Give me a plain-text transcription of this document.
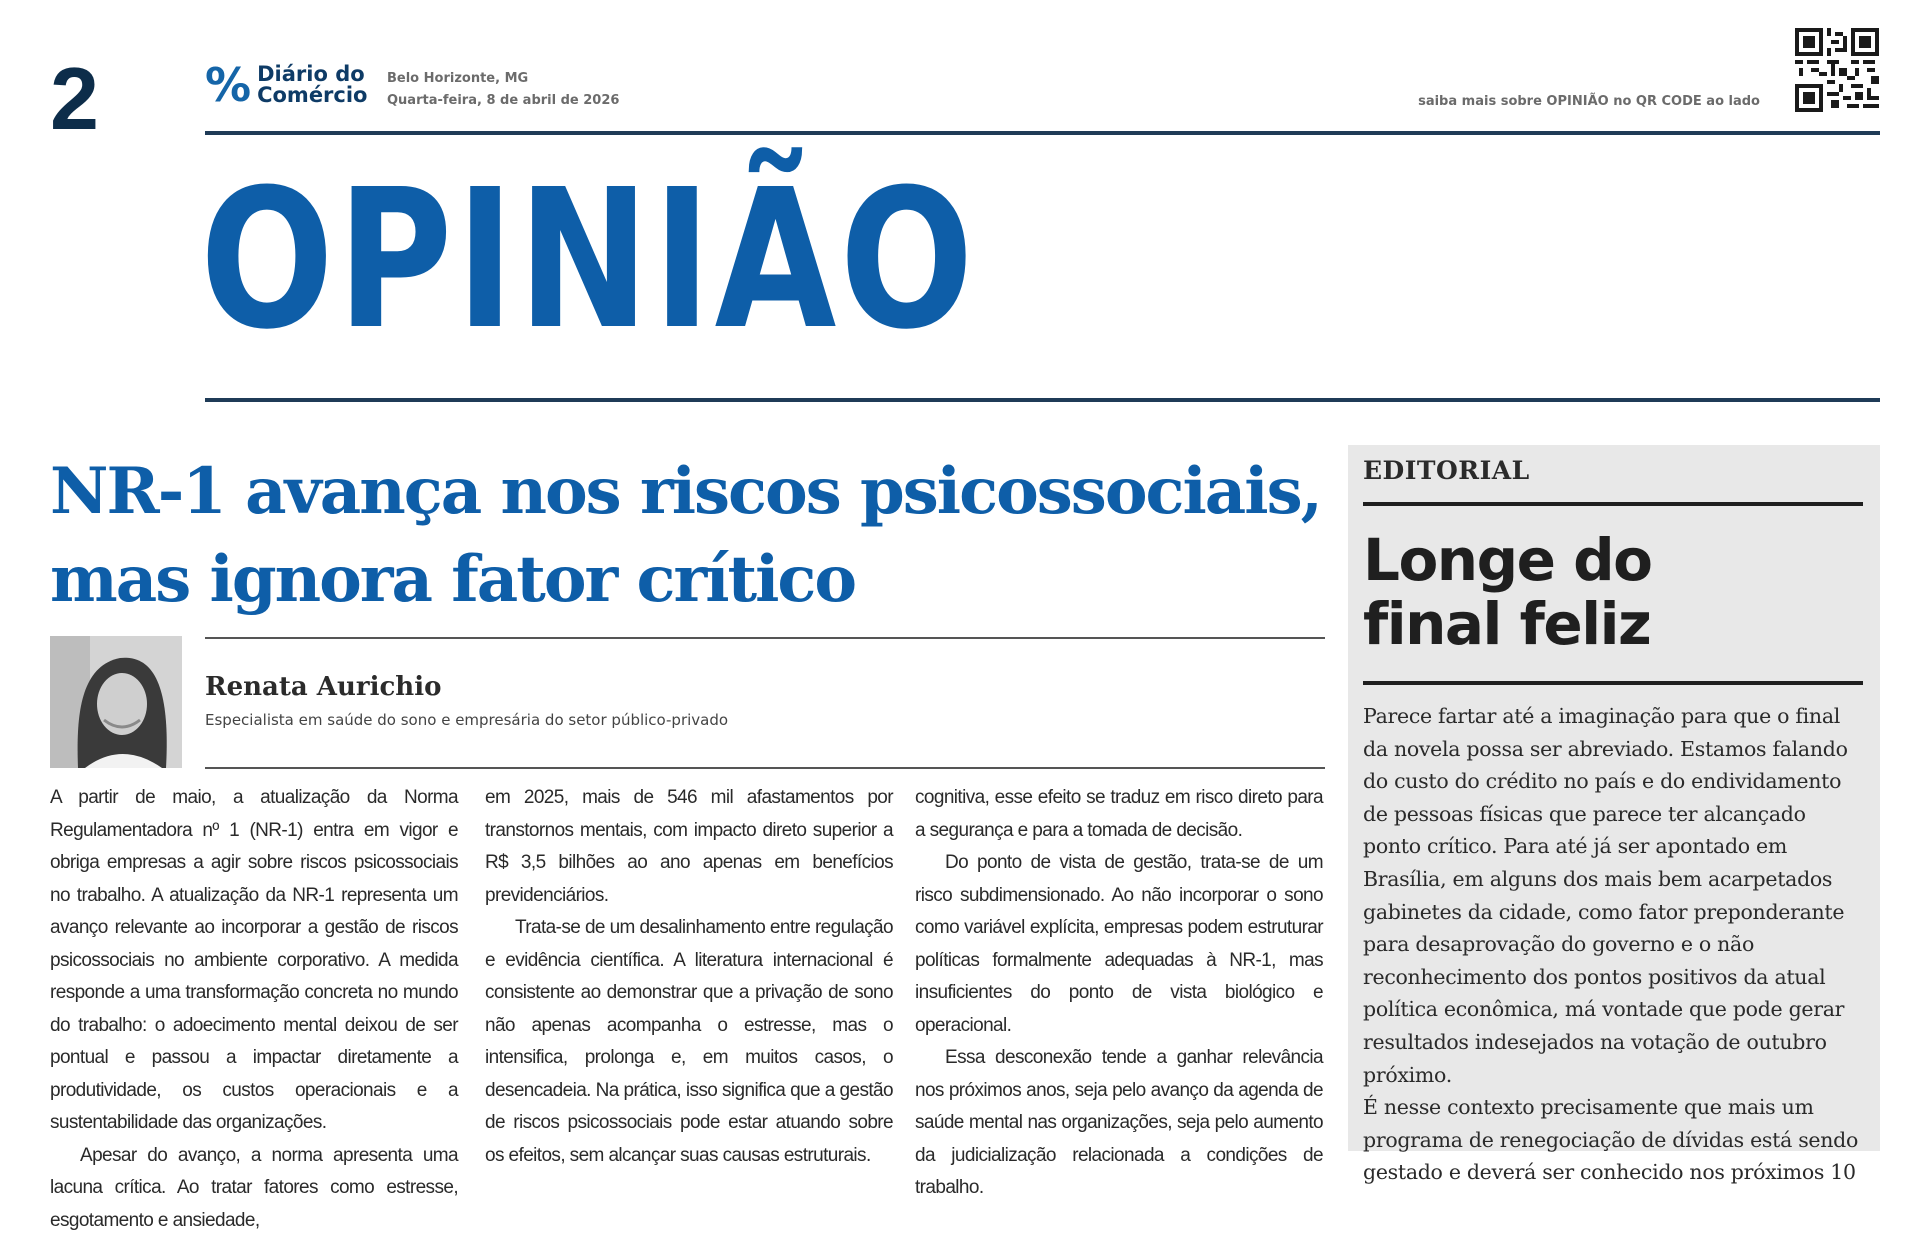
2 % Diário do
Comércio
Belo Horizonte, MG
Quarta-feira, 8 de abril de 2026	saiba mais sobre OPINIÃO no QR CODE ao lado
OPINIÃO
NR-1 avança nos riscos psicossociais,
mas ignora fator crítico
Renata Aurichio
Especialista em saúde do sono e empresária do setor público-privado

A partir de maio, a atualização da Norma Regulamentadora nº 1 (NR-1) entra em vigor e obriga empresas a agir sobre riscos psicossociais no trabalho. A atualização da NR-1 representa um avanço relevante ao incorporar a gestão de riscos psicossociais no ambiente corporativo. A medida responde a uma transformação concreta no mundo do trabalho: o adoecimento mental deixou de ser pontual e passou a impactar diretamente a produtividade, os custos operacionais e a sustentabilidade das organizações.

Apesar do avanço, a norma apresenta uma lacuna crítica. Ao tratar fatores como estresse, esgotamento e ansiedade,

em 2025, mais de 546 mil afastamentos por transtornos mentais, com impacto direto superior a R$ 3,5 bilhões ao ano apenas em benefícios previdenciários.

Trata-se de um desalinhamento entre regulação e evidência científica. A literatura internacional é consistente ao demonstrar que a privação de sono não apenas acompanha o estresse, mas o intensifica, prolonga e, em muitos casos, o desencadeia. Na prática, isso significa que a gestão de riscos psicossociais pode estar atuando sobre os efeitos, sem alcançar suas causas estruturais.

cognitiva, esse efeito se traduz em risco direto para a segurança e para a tomada de decisão.

Do ponto de vista de gestão, trata-se de um risco subdimensionado. Ao não incorporar o sono como variável explícita, empresas podem estruturar políticas formalmente adequadas à NR-1, mas insuficientes do ponto de vista biológico e operacional.

Essa desconexão tende a ganhar relevância nos próximos anos, seja pelo avanço da agenda de saúde mental nas organizações, seja pelo aumento da judicialização relacionada a condições de trabalho.

EDITORIAL
Longe do
final feliz

Parece fartar até a imaginação para que o final da novela possa ser abreviado. Estamos falando do custo do crédito no país e do endividamento de pessoas físicas que parece ter alcançado ponto crítico. Para até já ser apontado em Brasília, em alguns dos mais bem acarpetados gabinetes da cidade, como fator preponderante para desaprovação do governo e o não reconhecimento dos pontos positivos da atual política econômica, má vontade que pode gerar resultados indesejados na votação de outubro próximo.

É nesse contexto precisamente que mais um programa de renegociação de dívidas está sendo gestado e deverá ser conhecido nos próximos 10
